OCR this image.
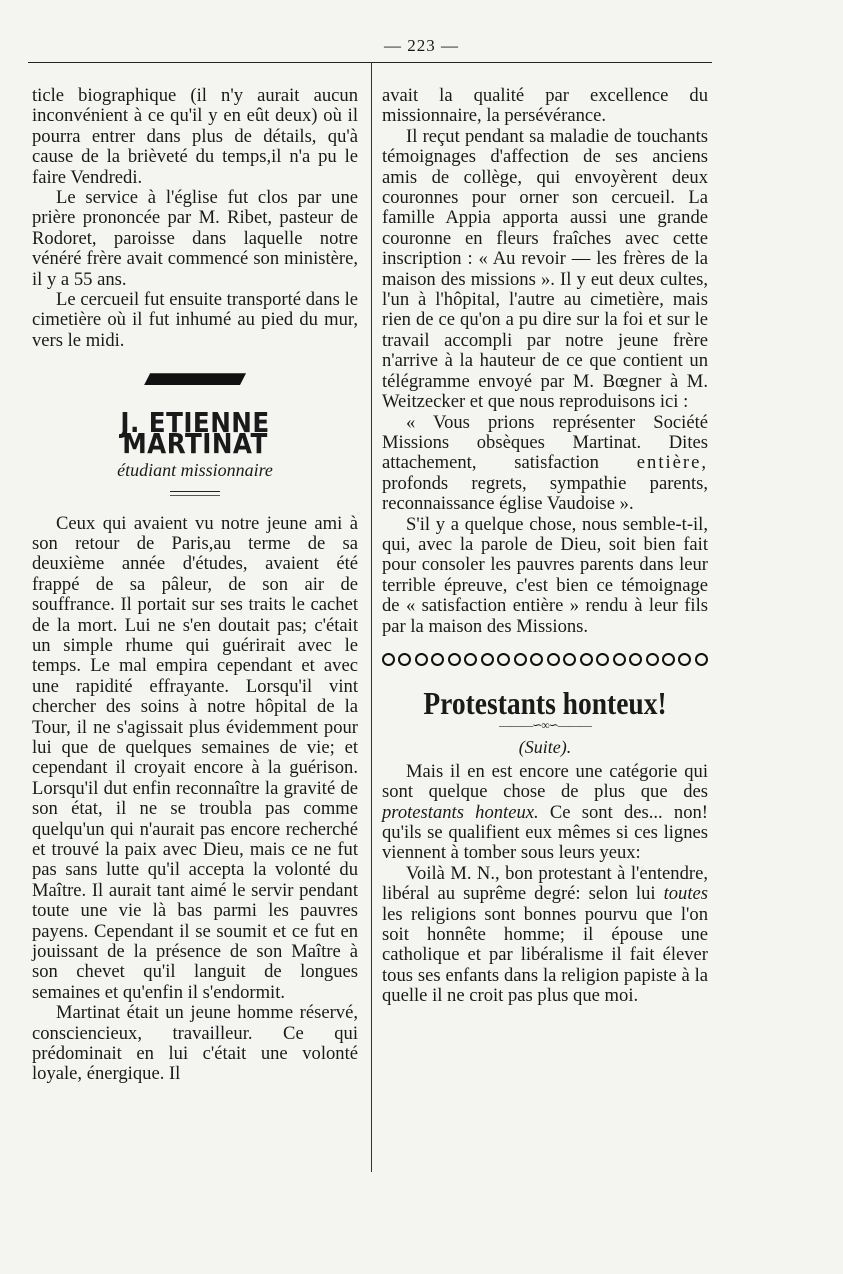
— 223 —

ticle biographique (il n'y aurait aucun inconvénient à ce qu'il y en eût deux) où il pourra entrer dans plus de détails, qu'à cause de la brièveté du temps,il n'a pu le faire Vendredi.

Le service à l'église fut clos par une prière prononcée par M. Ribet, pasteur de Rodoret, paroisse dans laquelle notre vénéré frère avait commencé son ministère, il y a 55 ans.

Le cercueil fut ensuite transporté dans le cimetière où il fut inhumé au pied du mur, vers le midi.

J. ETIENNE MARTINAT
étudiant missionnaire

Ceux qui avaient vu notre jeune ami à son retour de Paris,au terme de sa deuxième année d'études, avaient été frappé de sa pâleur, de son air de souffrance. Il portait sur ses traits le cachet de la mort. Lui ne s'en doutait pas; c'était un simple rhume qui guérirait avec le temps. Le mal empira cependant et avec une rapidité effrayante. Lorsqu'il vint chercher des soins à notre hôpital de la Tour, il ne s'agissait plus évidemment pour lui que de quelques semaines de vie; et cependant il croyait encore à la guérison. Lorsqu'il dut enfin reconnaître la gravité de son état, il ne se troubla pas comme quelqu'un qui n'aurait pas encore recherché et trouvé la paix avec Dieu, mais ce ne fut pas sans lutte qu'il accepta la volonté du Maître. Il aurait tant aimé le servir pendant toute une vie là bas parmi les pauvres payens. Cependant il se soumit et ce fut en jouissant de la présence de son Maître à son chevet qu'il languit de longues semaines et qu'enfin il s'endormit.

Martinat était un jeune homme réservé, consciencieux, travailleur. Ce qui prédominait en lui c'était une volonté loyale, énergique. Il

avait la qualité par excellence du missionnaire, la persévérance.

Il reçut pendant sa maladie de touchants témoignages d'affection de ses anciens amis de collège, qui envoyèrent deux couronnes pour orner son cercueil. La famille Appia apporta aussi une grande couronne en fleurs fraîches avec cette inscription : « Au revoir — les frères de la maison des missions ». Il y eut deux cultes, l'un à l'hôpital, l'autre au cimetière, mais rien de ce qu'on a pu dire sur la foi et sur le travail accompli par notre jeune frère n'arrive à la hauteur de ce que contient un télégramme envoyé par M. Bœgner à M. Weitzecker et que nous reproduisons ici :

« Vous prions représenter Société Missions obsèques Martinat. Dites attachement, satisfaction entière, profonds regrets, sympathie parents, reconnaissance église Vaudoise ».

S'il y a quelque chose, nous semble-t-il, qui, avec la parole de Dieu, soit bien fait pour consoler les pauvres parents dans leur terrible épreuve, c'est bien ce témoignage de « satisfaction entière » rendu à leur fils par la maison des Missions.

Protestants honteux!
———∽∞∽———
(Suite).

Mais il en est encore une catégorie qui sont quelque chose de plus que des protestants honteux. Ce sont des... non! qu'ils se qualifient eux mêmes si ces lignes viennent à tomber sous leurs yeux:

Voilà M. N., bon protestant à l'entendre, libéral au suprême degré: selon lui toutes les religions sont bonnes pourvu que l'on soit honnête homme; il épouse une catholique et par libéralisme il fait élever tous ses enfants dans la religion papiste à la quelle il ne croit pas plus que moi.
